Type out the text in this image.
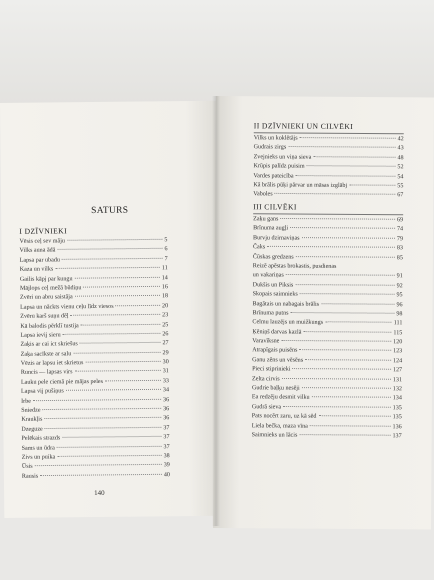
SATURS
I DZĪVNIEKI
Vēsis ceļ sev māju	5
Vilks auna ādā	6
Lapsa par ubadu	7
Kaza un vilks	11
Gailis kāpj par kungu	14
Mājlops ceļ mežā būdiņu	16
Zvēri un abru saistāja	18
Lapsa un nāckts vienu ceļu līdz viesos	20
Zvēru karš suņu dēļ	23
Kā balodis pērklī tustija	25
Lapsa ievij sieru	26
Zaķis ar cai ict skriešus	27
Zaķa sacīkste ar salu	29
Vēzis ar lapsu iet skrietus	30
Runcis — lapsas virs	31
Lauku pele ciemā pie mājas peles	33
Lapsa vij pušiņus	34
Irbe	36
Sniedze	36
Kraukļis	36
Dzeguze	37
Pelēkais strazds	37
Sams un ūdra	37
Zivs un puika	38
Ūsis	39
Rausis	40
140
II DZĪVNIEKI UN CILVĒKI
Vilks un koklētājs	42
Gudrais zirgs	43
Zvejnieks un viņa sieva	48
Krūpis palīdz puisim	52
Vardes pateicība	54
Kā brālis pūķi pārvar un māsas izglābj	55
Vaboles	67
III CILVĒKI
Zaķu gans	69
Brīnuma augļi	74
Burvju dzirnaviņas	79
Čaks	83
Čūskas gredzens	85
Reizē apēstas brokastis, pusdienas
un vakariņas	91
Dukšis un Piksis	92
Skopais saimnieks	95
Bagātais un nabagais brālis	96
Brīnuma putns	98
Celmu lauzējs un muižkungs	111
Ķēniņš darvas kazlā	115
Varavīksne	120
Atrapīgais puisēns	123
Ganu zēns un vēsēns	124
Pieci stiprinieki	127
Zelta cirvis	131
Gudrie baļķu nesēji	132
Ea redzēju desmit vilku	134
Gudrā sieva	135
Pats nocērt zaru, uz kā sēd	135
Liela bečka, maza vīna	136
Saimnieks un lācis	137
